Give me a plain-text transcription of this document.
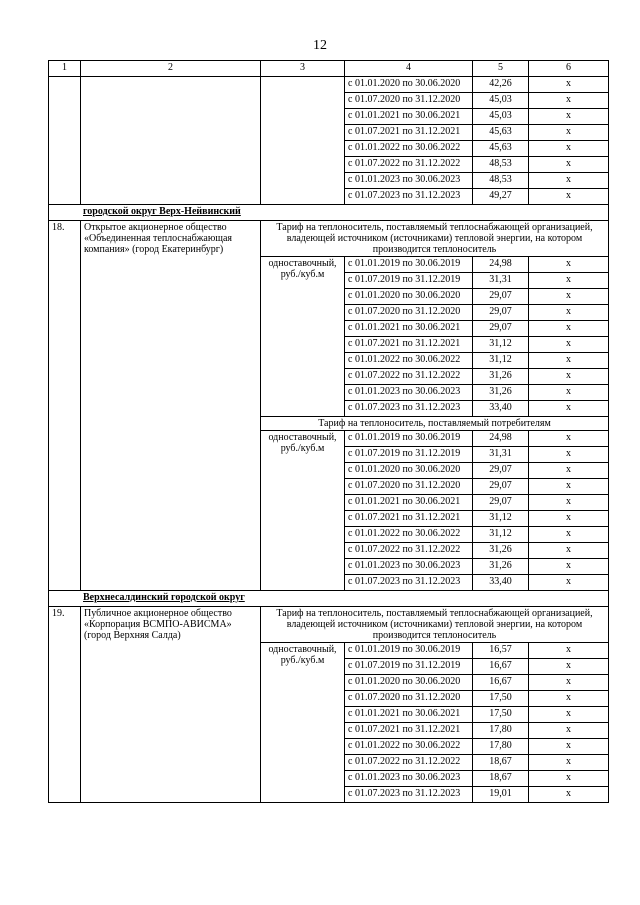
12
1	2	3	4	5	6
			с 01.01.2020 по 30.06.2020	42,26	x
			с 01.07.2020 по 31.12.2020	45,03	x
			с 01.01.2021 по 30.06.2021	45,03	x
			с 01.07.2021 по 31.12.2021	45,63	x
			с 01.01.2022 по 30.06.2022	45,63	x
			с 01.07.2022 по 31.12.2022	48,53	x
			с 01.01.2023 по 30.06.2023	48,53	x
			с 01.07.2023 по 31.12.2023	49,27	x
городской округ Верх-Нейвинский					
18.	Открытое акционерное общество «Объединенная теплоснабжающая компания» (город Екатеринбург)	Тариф на теплоноситель, поставляемый теплоснабжающей организацией, владеющей источником (источниками) тепловой энергии, на котором производится теплоноситель			
		одноставочный, руб./куб.м	с 01.01.2019 по 30.06.2019	24,98	x
			с 01.07.2019 по 31.12.2019	31,31	x
			с 01.01.2020 по 30.06.2020	29,07	x
			с 01.07.2020 по 31.12.2020	29,07	x
			с 01.01.2021 по 30.06.2021	29,07	x
			с 01.07.2021 по 31.12.2021	31,12	x
			с 01.01.2022 по 30.06.2022	31,12	x
			с 01.07.2022 по 31.12.2022	31,26	x
			с 01.01.2023 по 30.06.2023	31,26	x
			с 01.07.2023 по 31.12.2023	33,40	x
		Тариф на теплоноситель, поставляемый потребителям			
		одноставочный, руб./куб.м	с 01.01.2019 по 30.06.2019	24,98	x
			с 01.07.2019 по 31.12.2019	31,31	x
			с 01.01.2020 по 30.06.2020	29,07	x
			с 01.07.2020 по 31.12.2020	29,07	x
			с 01.01.2021 по 30.06.2021	29,07	x
			с 01.07.2021 по 31.12.2021	31,12	x
			с 01.01.2022 по 30.06.2022	31,12	x
			с 01.07.2022 по 31.12.2022	31,26	x
			с 01.01.2023 по 30.06.2023	31,26	x
			с 01.07.2023 по 31.12.2023	33,40	x
Верхнесалдинский городской округ					
19.	Публичное акционерное общество «Корпорация ВСМПО-АВИСМА» (город Верхняя Салда)	Тариф на теплоноситель, поставляемый теплоснабжающей организацией, владеющей источником (источниками) тепловой энергии, на котором производится теплоноситель			
		одноставочный, руб./куб.м	с 01.01.2019 по 30.06.2019	16,57	x
			с 01.07.2019 по 31.12.2019	16,67	x
			с 01.01.2020 по 30.06.2020	16,67	x
			с 01.07.2020 по 31.12.2020	17,50	x
			с 01.01.2021 по 30.06.2021	17,50	x
			с 01.07.2021 по 31.12.2021	17,80	x
			с 01.01.2022 по 30.06.2022	17,80	x
			с 01.07.2022 по 31.12.2022	18,67	x
			с 01.01.2023 по 30.06.2023	18,67	x
			с 01.07.2023 по 31.12.2023	19,01	x
